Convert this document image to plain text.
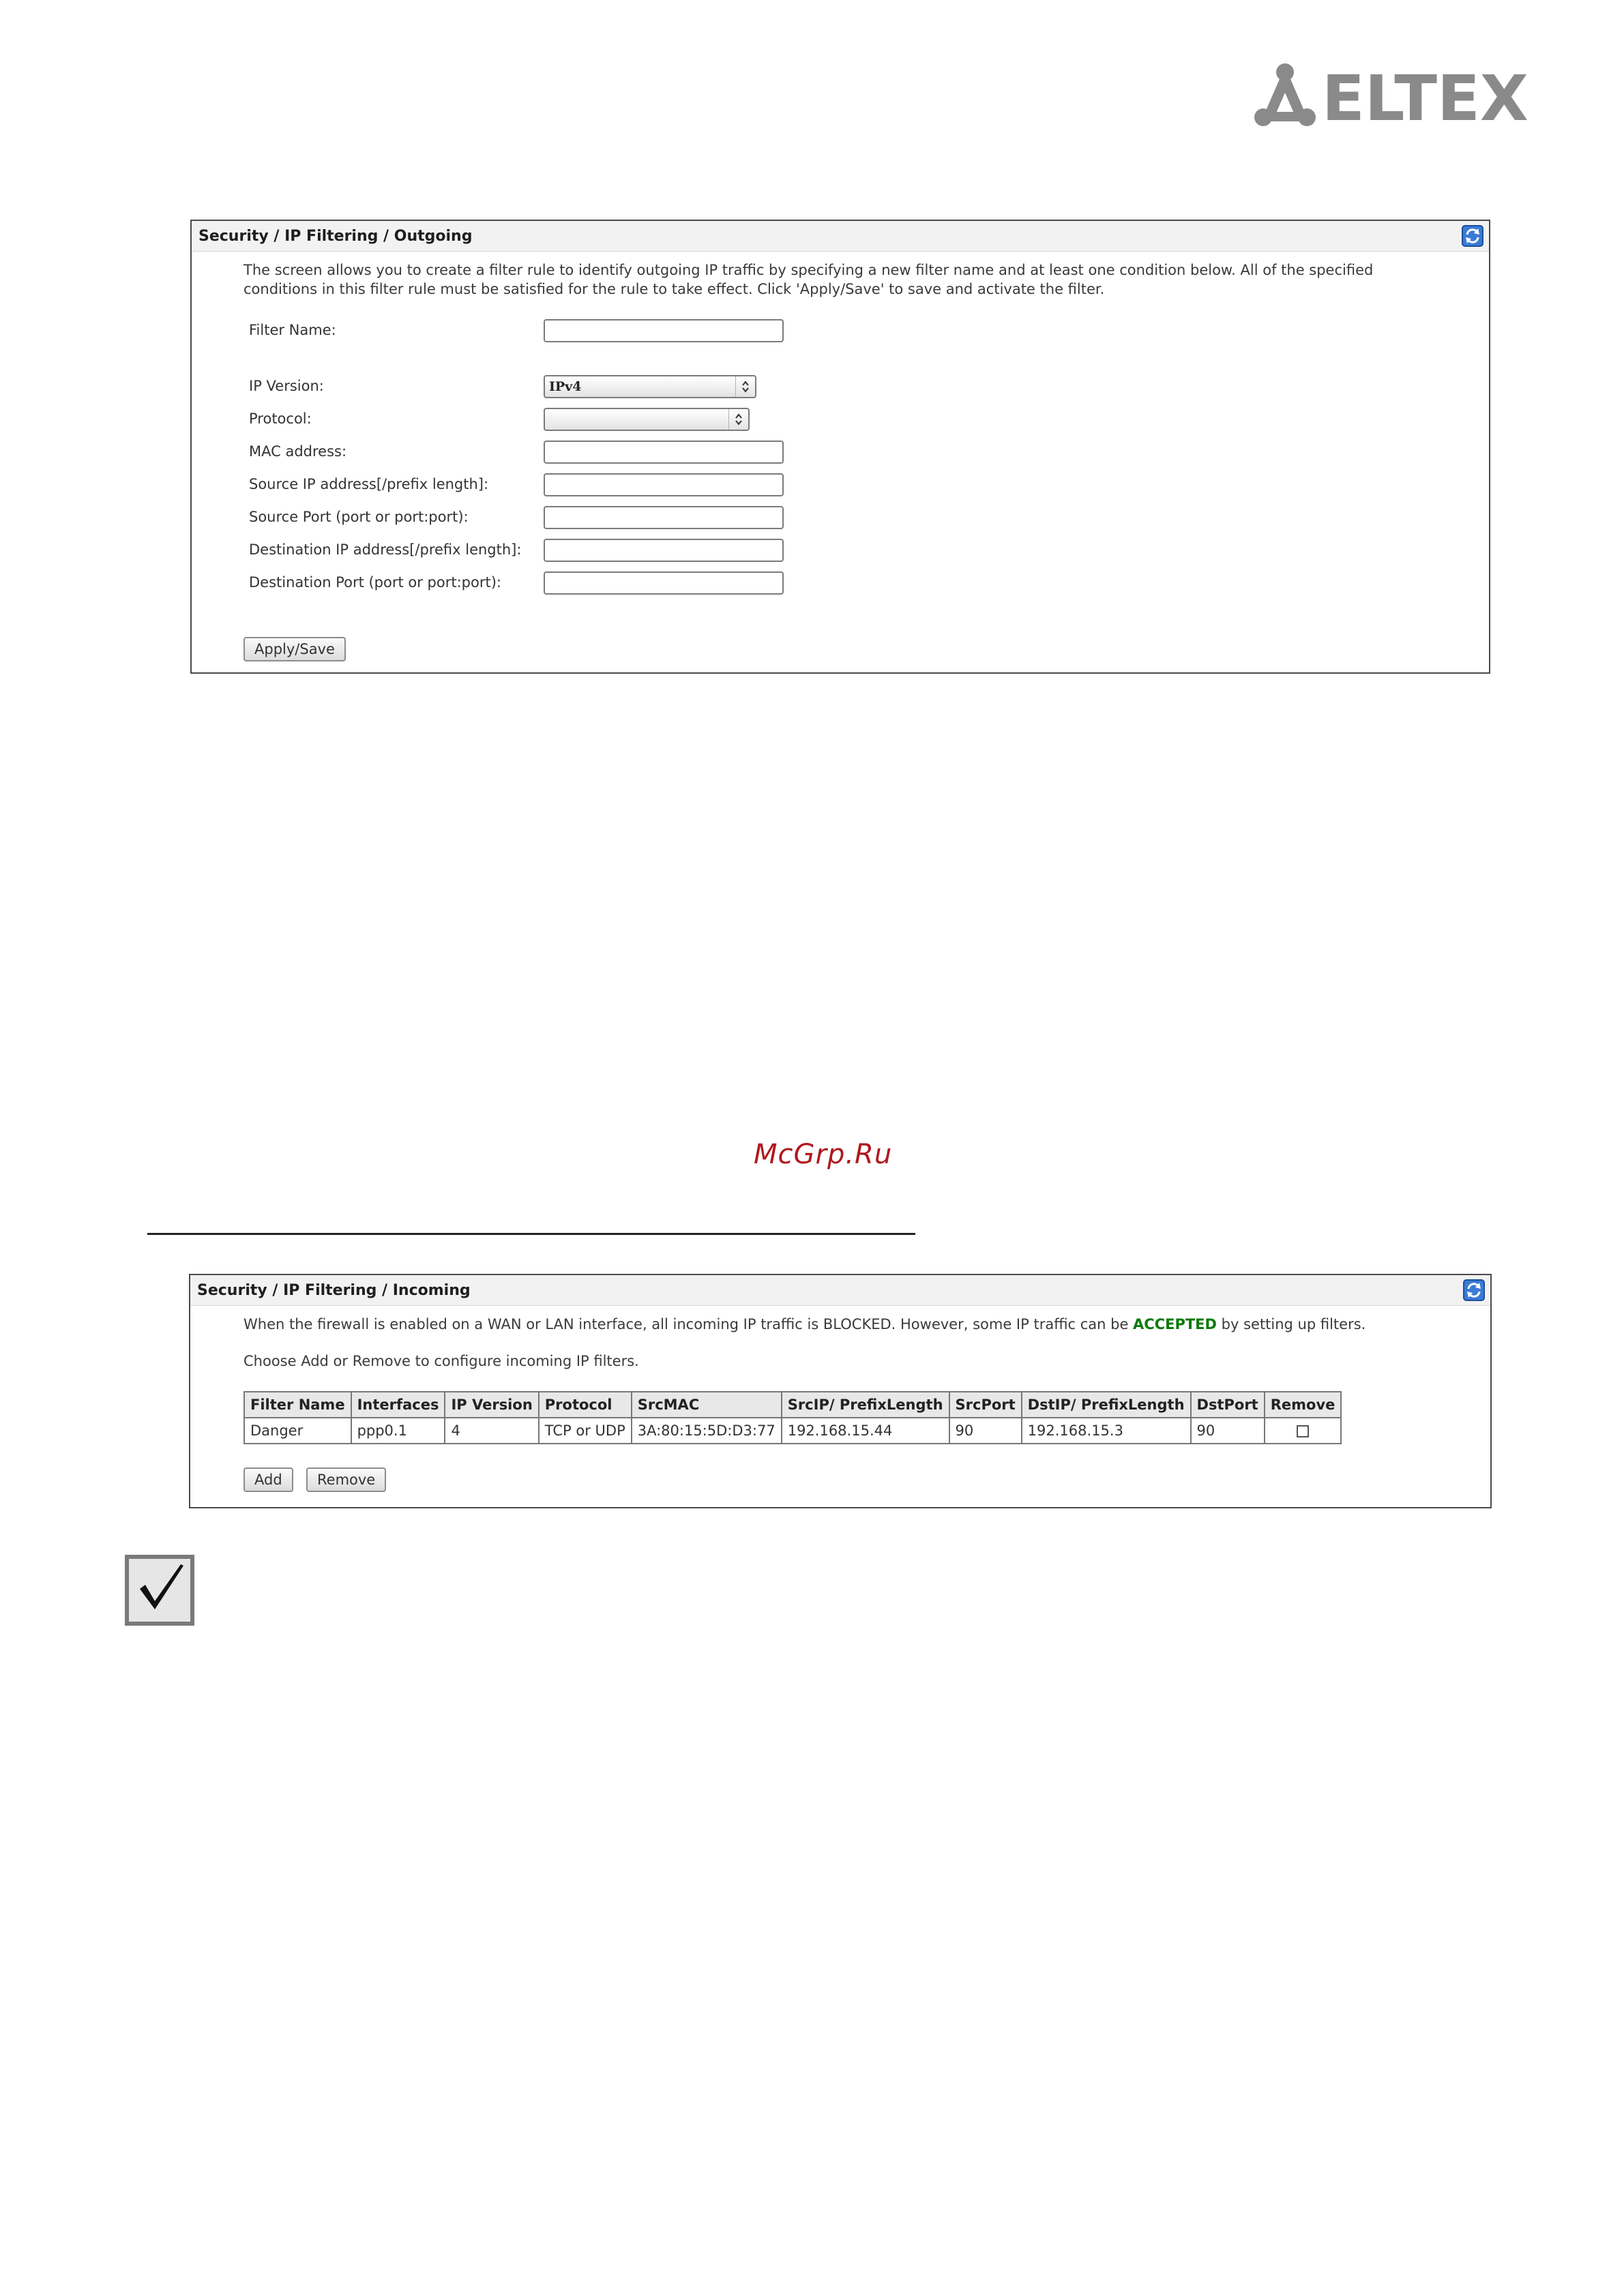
ELTEX
Security / IP Filtering / Outgoing
The screen allows you to create a filter rule to identify outgoing IP traffic by specifying a new filter name and at least one condition below. All of the specified conditions in this filter rule must be satisfied for the rule to take effect. Click 'Apply/Save' to save and activate the filter.
Filter Name:
IP Version:	IPv4
Protocol:
MAC address:
Source IP address[/prefix length]:
Source Port (port or port:port):
Destination IP address[/prefix length]:
Destination Port (port or port:port):
Apply/Save
McGrp.Ru
Security / IP Filtering / Incoming
When the firewall is enabled on a WAN or LAN interface, all incoming IP traffic is BLOCKED. However, some IP traffic can be ACCEPTED by setting up filters.
Choose Add or Remove to configure incoming IP filters.
Filter Name	Interfaces	IP Version	Protocol	SrcMAC	SrcIP/ PrefixLength	SrcPort	DstIP/ PrefixLength	DstPort	Remove
Danger	ppp0.1	4	TCP or UDP	3A:80:15:5D:D3:77	192.168.15.44	90	192.168.15.3	90	
Add	Remove
